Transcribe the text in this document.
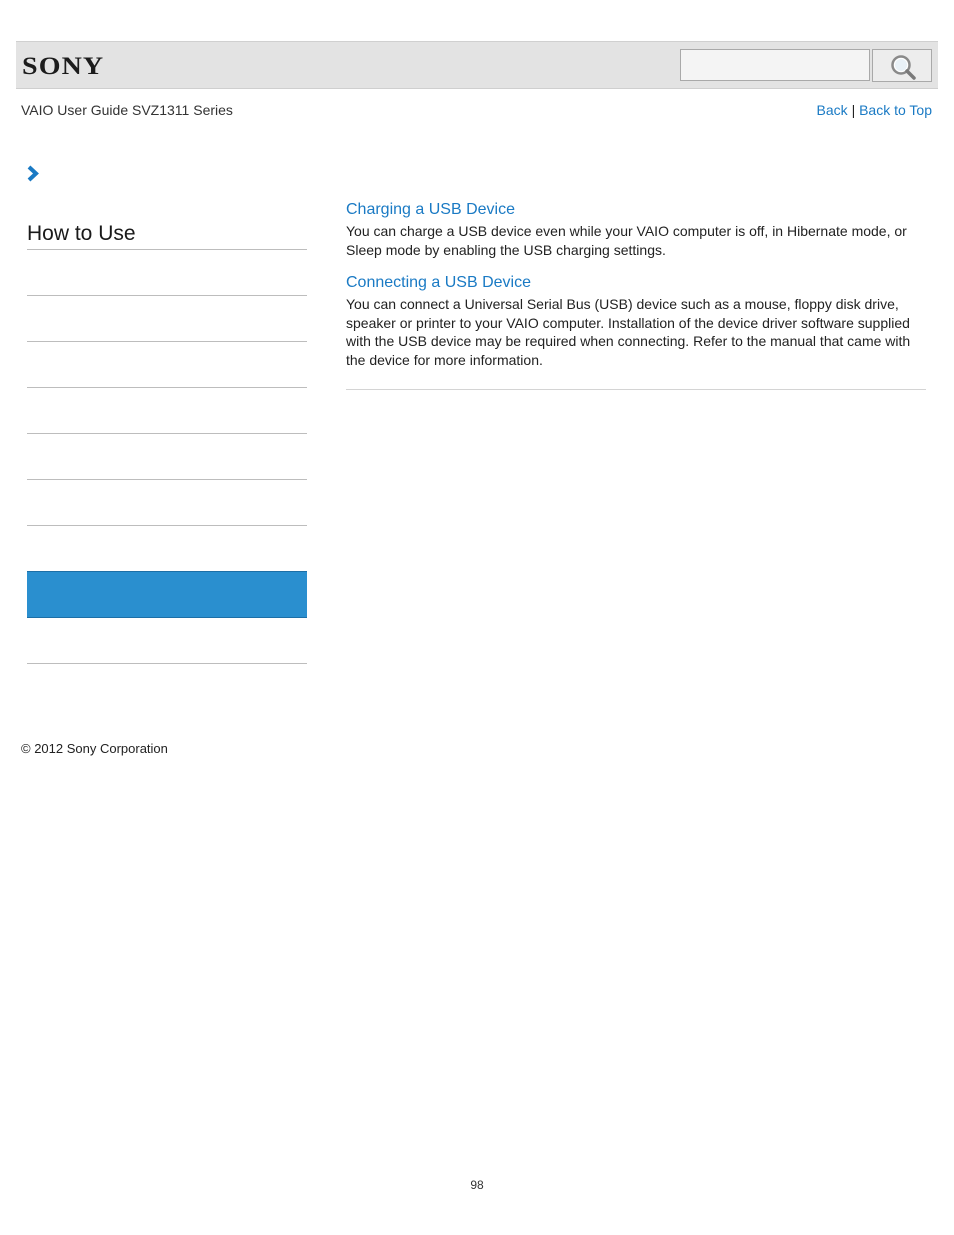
SONY
VAIO User Guide SVZ1311 Series	Back | Back to Top
How to Use
Charging a USB Device

You can charge a USB device even while your VAIO computer is off, in Hibernate mode, or Sleep mode by enabling the USB charging settings.

Connecting a USB Device

You can connect a Universal Serial Bus (USB) device such as a mouse, floppy disk drive, speaker or printer to your VAIO computer. Installation of the device driver software supplied with the USB device may be required when connecting. Refer to the manual that came with the device for more information.

© 2012 Sony Corporation
98
